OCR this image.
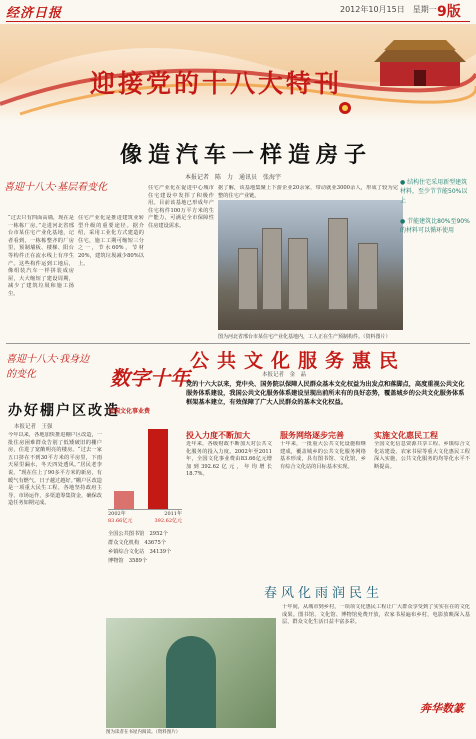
经济日报	2012年10月15日　星期一 9版
迎接党的十八大特刊
像造汽车一样造房子
本报记者　陈　力　通讯员　张海宇
喜迎十八大·基层看变化
“过去只有四面高墙，现在是一栋栋厂房。”走进河北省邢台市某住宅产业化基地，记者看到，一栋栋整齐的厂房里，预制墙板、楼梯、阳台等构件正在流水线上有序生产。这些构件运到工地后，像组装汽车一样拼装成房屋，大大缩短了建设周期，减少了建筑垃圾和施工扬尘。
住宅产业化是推进建筑业转型升级的重要途径。据介绍，采用工业化方式建造的住宅，施工工期可缩短三分之一，节水60%，节材20%，建筑垃圾减少80%以上。
住宅产业化在促进中心城市住宅建设中发挥了积极作用。目前该基地已形成年产住宅构件100万平方米的生产能力，可满足全市保障性住房建设需求。
据了解，该基地集聚上下游企业20余家，带动就业3000余人，形成了较为完整的住宅产业链。
图为河北省邢台市某住宅产业化基地内，工人正在生产预制构件。（资料图片）
● 结构住宅采用新型建筑材料，至少节节能50%以上
● 节能建筑比80%至90%的材料可以循环使用
喜迎十八大·我身边的变化
办好棚户区改造
本报记者　王强
今年以来，各地加快推进棚户区改造，一批住房困难群众告别了低矮破旧的棚户房，住进了宽敞明亮的楼房。“过去一家五口挤在不到30平方米的平房里，下雨天屋里漏水，冬天四处透风。”居民老李说，“现在住上了90多平方米的新房，有暖气有燃气，日子越过越好。”棚户区改造是一项重大民生工程，各地坚持政府主导、市场运作，多渠道筹集资金，确保改造任务如期完成。
数字十年
公共文化服务惠民
本报记者　金　晶
党的十六大以来，党中央、国务院以保障人民群众基本文化权益为出发点和落脚点，高度重视公共文化服务体系建设，我国公共文化服务体系建设呈现出前所未有的良好态势，覆盖城乡的公共文化服务体系框架基本建立，有效保障了广大人民群众的基本文化权益。
全国文化事业费
2002年	2011年
83.66亿元	392.62亿元
全国公共图书馆　2952个
群众文化机构　43675个
乡镇综合文化站　34139个
博物馆　3589个
投入力度不断加大
近年来，各级财政不断加大对公共文化服务的投入力度。2002年至2011年，全国文化事业费由83.66亿元增加到392.62亿元，年均增长18.7%。
服务网络逐步完善
十年来，一批重大公共文化设施相继建成，覆盖城乡的公共文化服务网络基本形成，县有图书馆、文化馆，乡有综合文化站的目标基本实现。
实施文化惠民工程
全国文化信息资源共享工程、乡镇综合文化站建设、农家书屋等重大文化惠民工程深入实施，公共文化服务的均等化水平不断提高。
春风化雨润民生
图为读者在书屋内阅读。（资料图片）
十年间，从城市到乡村，一项项文化惠民工程让广大群众享受到了实实在在的文化成果。图书馆、文化馆、博物馆免费开放，农家书屋遍布乡村，电影放映深入基层，群众文化生活日益丰富多彩。
奔华数篆
